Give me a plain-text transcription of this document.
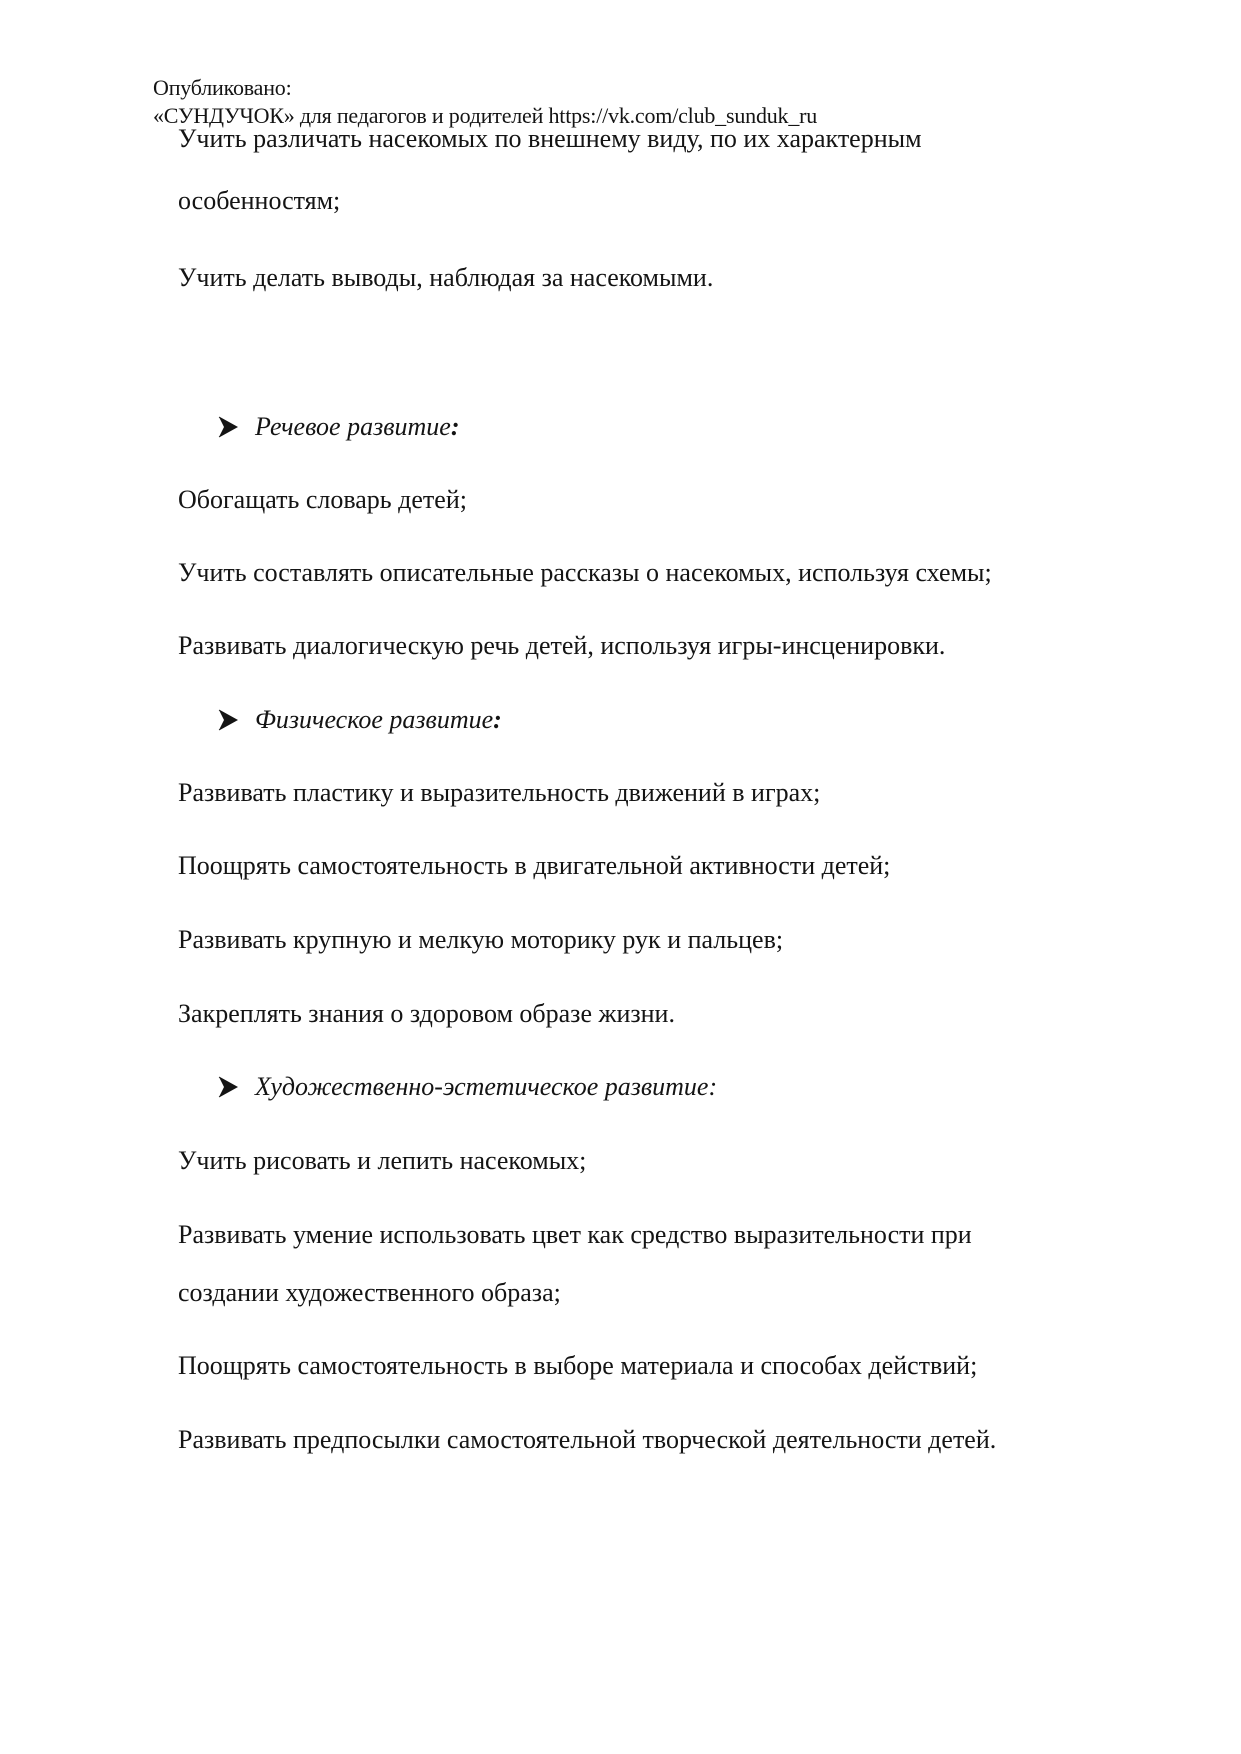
Опубликовано:
«СУНДУЧОК» для педагогов и родителей https://vk.com/club_sunduk_ru
Учить различать насекомых по внешнему виду, по их характерным
особенностям;
Учить делать выводы, наблюдая за насекомыми.
Речевое развитие :
Обогащать словарь детей;
Учить составлять описательные рассказы о насекомых, используя схемы;
Развивать диалогическую речь детей, используя игры-инсценировки.
Физическое развитие :
Развивать пластику и выразительность движений в играх;
Поощрять самостоятельность в двигательной активности детей;
Развивать крупную и мелкую моторику рук и пальцев;
Закреплять знания о здоровом образе жизни.
Художественно-эстетическое развитие:
Учить рисовать и лепить насекомых;
Развивать умение использовать цвет как средство выразительности при
создании художественного образа;
Поощрять самостоятельность в выборе материала и способах действий;
Развивать предпосылки самостоятельной творческой деятельности детей.
